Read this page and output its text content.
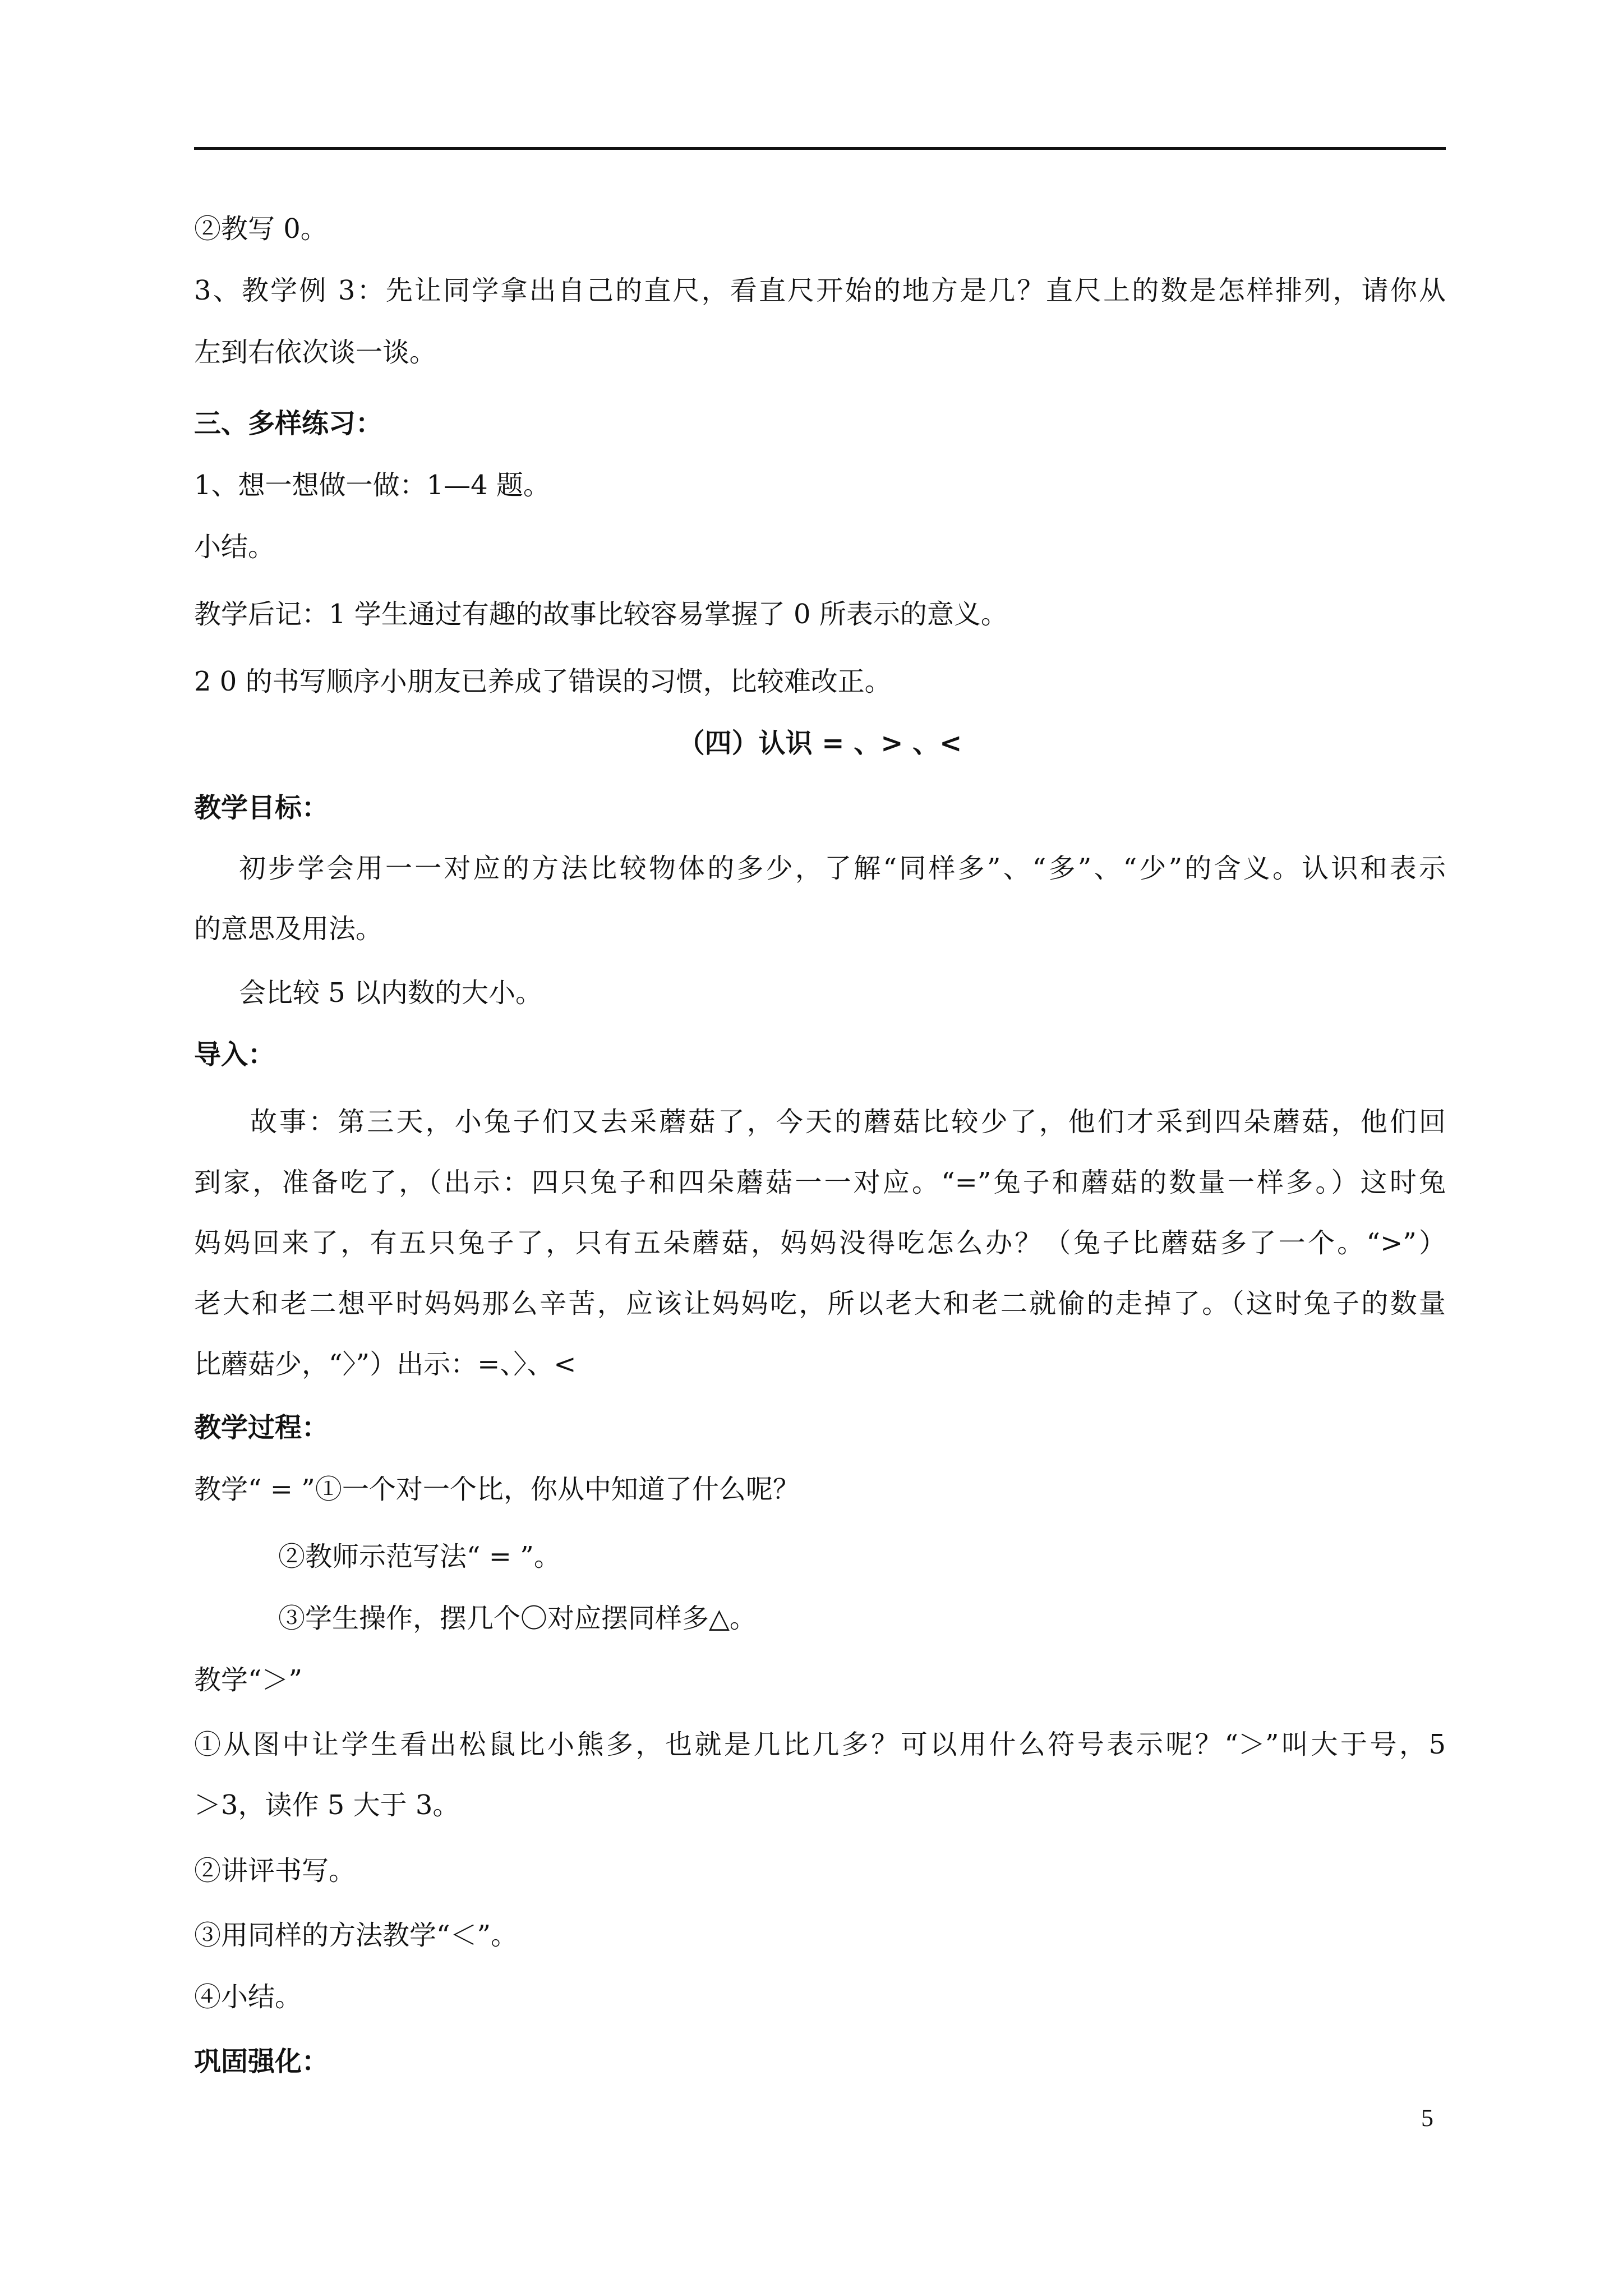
②教写 0。
3、教学例 3：先让同学拿出自己的直尺，看直尺开始的地方是几？直尺上的数是怎样排列，请你从
左到右依次谈一谈。
三、多样练习：
1、想一想做一做：1—4 题。
小结。
教学后记：1 学生通过有趣的故事比较容易掌握了 0 所表示的意义。
2 0 的书写顺序小朋友已养成了错误的习惯，比较难改正。
（四）认识 = 、> 、<
教学目标：
初步学会用一一对应的方法比较物体的多少，了解“同样多”、“多”、“少”的含义。认识和表示
的意思及用法。
会比较 5 以内数的大小。
导入：
故事：第三天，小兔子们又去采蘑菇了，今天的蘑菇比较少了，他们才采到四朵蘑菇，他们回
到家，准备吃了，（出示：四只兔子和四朵蘑菇一一对应。“=”兔子和蘑菇的数量一样多。）这时兔
妈妈回来了，有五只兔子了，只有五朵蘑菇，妈妈没得吃怎么办？（兔子比蘑菇多了一个。“>”）
老大和老二想平时妈妈那么辛苦，应该让妈妈吃，所以老大和老二就偷的走掉了。（这时兔子的数量
比蘑菇少，“〉”）出示：=、〉、<
教学过程：
教学“ = ”①一个对一个比，你从中知道了什么呢？
②教师示范写法“ = ”。
③学生操作，摆几个〇对应摆同样多△。
教学“＞”
①从图中让学生看出松鼠比小熊多，也就是几比几多？可以用什么符号表示呢？“＞”叫大于号，5
＞3，读作 5 大于 3。
②讲评书写。
③用同样的方法教学“＜”。
④小结。
巩固强化：
5
